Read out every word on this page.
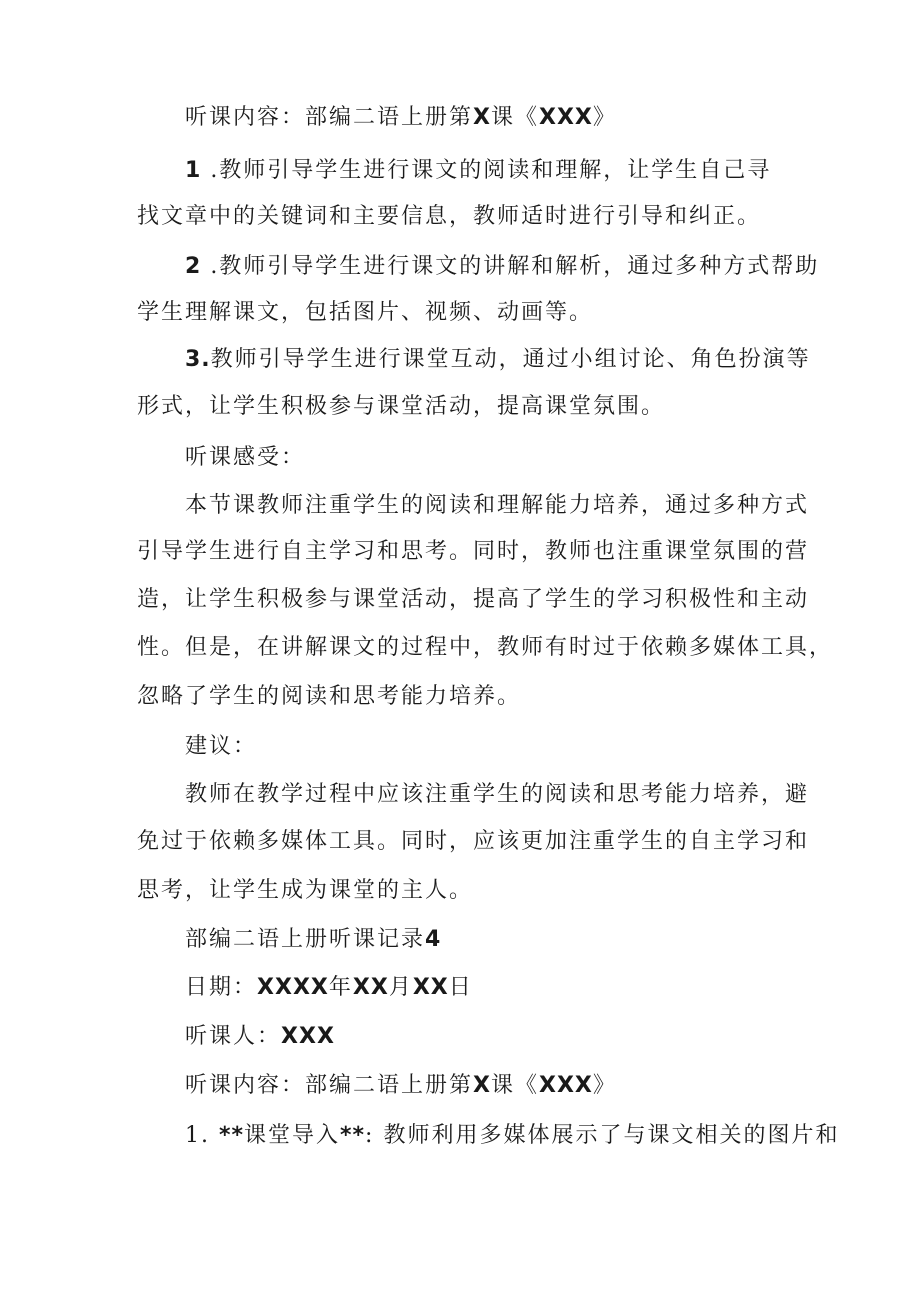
听课内容：部编二语上册第X课《XXX》
1 .教师引导学生进行课文的阅读和理解，让学生自己寻
找文章中的关键词和主要信息，教师适时进行引导和纠正。
2 .教师引导学生进行课文的讲解和解析，通过多种方式帮助
学生理解课文，包括图片、视频、动画等。
3.教师引导学生进行课堂互动，通过小组讨论、角色扮演等
形式，让学生积极参与课堂活动，提高课堂氛围。
听课感受：
本节课教师注重学生的阅读和理解能力培养，通过多种方式
引导学生进行自主学习和思考。同时，教师也注重课堂氛围的营
造，让学生积极参与课堂活动，提高了学生的学习积极性和主动
性。但是，在讲解课文的过程中，教师有时过于依赖多媒体工具，
忽略了学生的阅读和思考能力培养。
建议：
教师在教学过程中应该注重学生的阅读和思考能力培养，避
免过于依赖多媒体工具。同时，应该更加注重学生的自主学习和
思考，让学生成为课堂的主人。
部编二语上册听课记录4
日期：XXXX年XX月XX日
听课人：XXX
听课内容：部编二语上册第X课《XXX》
1. **课堂导入**: 教师利用多媒体展示了与课文相关的图片和
